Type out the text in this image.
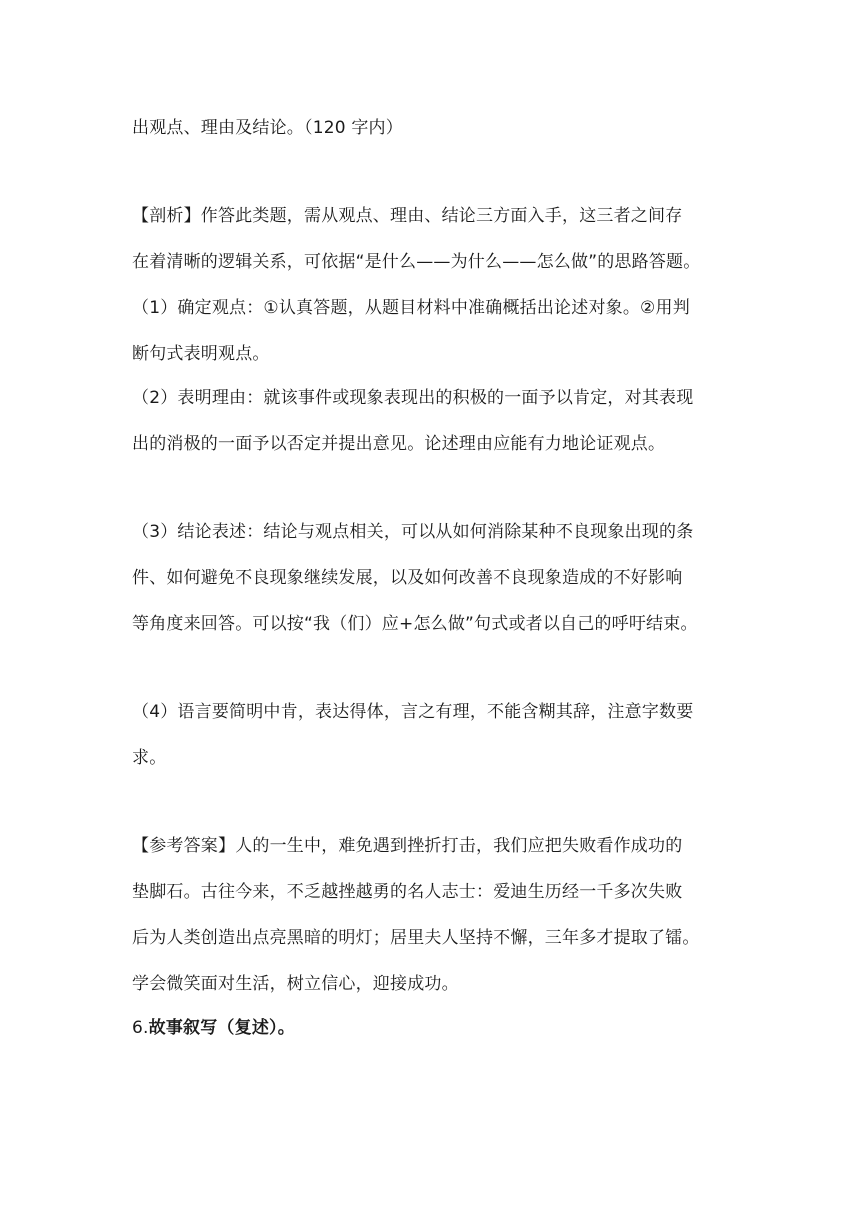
出观点、理由及结论。（120 字内）
【剖析】作答此类题，需从观点、理由、结论三方面入手，这三者之间存
在着清晰的逻辑关系，可依据“是什么——为什么——怎么做”的思路答题。
（1）确定观点：①认真答题，从题目材料中准确概括出论述对象。②用判
断句式表明观点。
（2）表明理由：就该事件或现象表现出的积极的一面予以肯定，对其表现
出的消极的一面予以否定并提出意见。论述理由应能有力地论证观点。
（3）结论表述：结论与观点相关，可以从如何消除某种不良现象出现的条
件、如何避免不良现象继续发展，以及如何改善不良现象造成的不好影响
等角度来回答。可以按“我（们）应+怎么做”句式或者以自己的呼吁结束。
（4）语言要简明中肯，表达得体，言之有理，不能含糊其辞，注意字数要
求。
【参考答案】人的一生中，难免遇到挫折打击，我们应把失败看作成功的
垫脚石。古往今来，不乏越挫越勇的名人志士：爱迪生历经一千多次失败
后为人类创造出点亮黑暗的明灯；居里夫人坚持不懈，三年多才提取了镭。
学会微笑面对生活，树立信心，迎接成功。
6.故事叙写（复述）。
